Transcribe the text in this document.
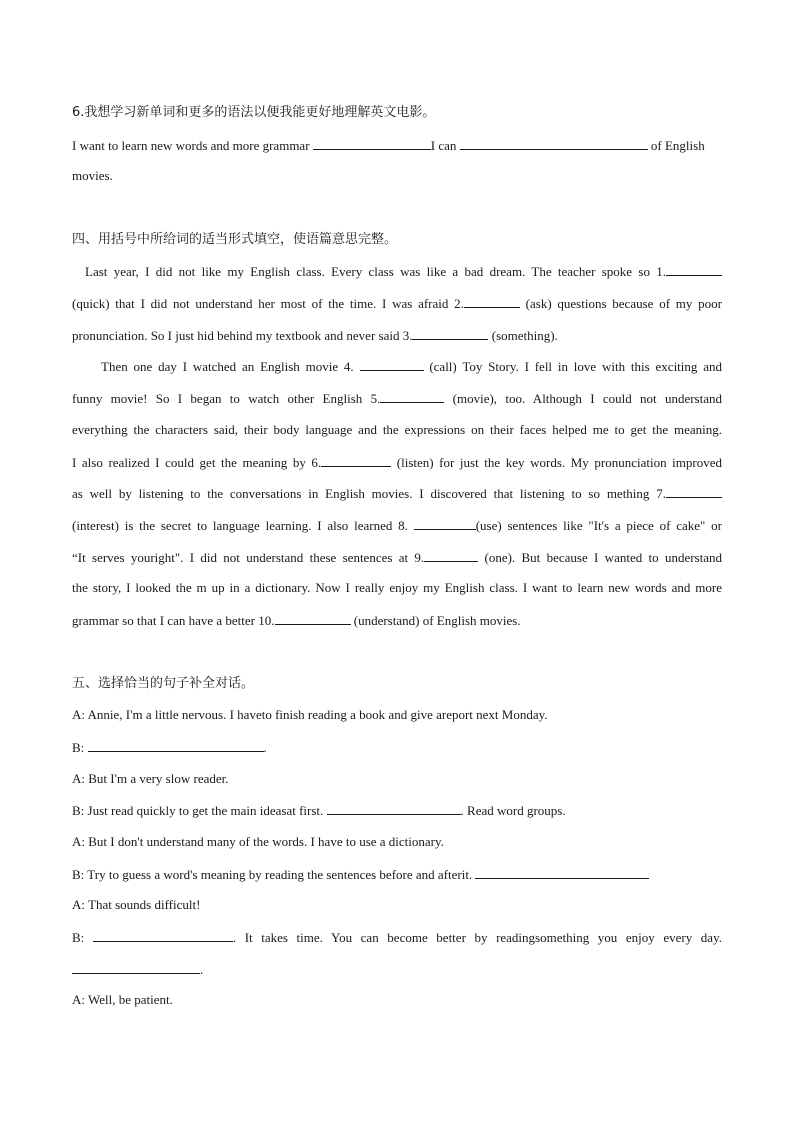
6.我想学习新单词和更多的语法以便我能更好地理解英文电影。
I want to learn new words and more grammar	I can	of English
movies.
四、用括号中所给词的适当形式填空，使语篇意思完整。
Last year, I did not like my English class. Every class was like a bad dream. The teacher spoke so 1.
(quick) that I did not understand her most of the time. I was afraid 2.	(ask) questions because of my poor
pronunciation. So I just hid behind my textbook and never said 3.	(something).
Then one day I watched an English movie 4.	(call) Toy Story. I fell in love with this exciting and
funny movie! So I began to watch other English 5.	(movie), too. Although I could not understand
everything the characters said, their body language and the expressions on their faces helped me to get the meaning.
I also realized I could get the meaning by 6.	(listen) for just the key words. My pronunciation improved
as well by listening to the conversations in English movies. I discovered that listening to so mething 7.
(interest) is the secret to language learning. I also learned 8.	(use) sentences like "It's a piece of cake" or
“It serves youright". I did not understand these sentences at 9.	(one). But because I wanted to understand
the story, I looked the m up in a dictionary. Now I really enjoy my English class. I want to learn new words and more
grammar so that I can have a better 10.	(understand) of English movies.
五、选择恰当的句子补全对话。
A: Annie, I'm a little nervous. I haveto finish reading a book and give areport next Monday.
B:	.
A: But I'm a very slow reader.
B: Just read quickly to get the main ideasat first.	. Read word groups.
A: But I don't understand many of the words. I have to use a dictionary.
B: Try to guess a word's meaning by reading the sentences before and afterit.
A: That sounds difficult!
B:	. It takes time. You can become better by readingsomething you enjoy every day.
.
A: Well, be patient.
